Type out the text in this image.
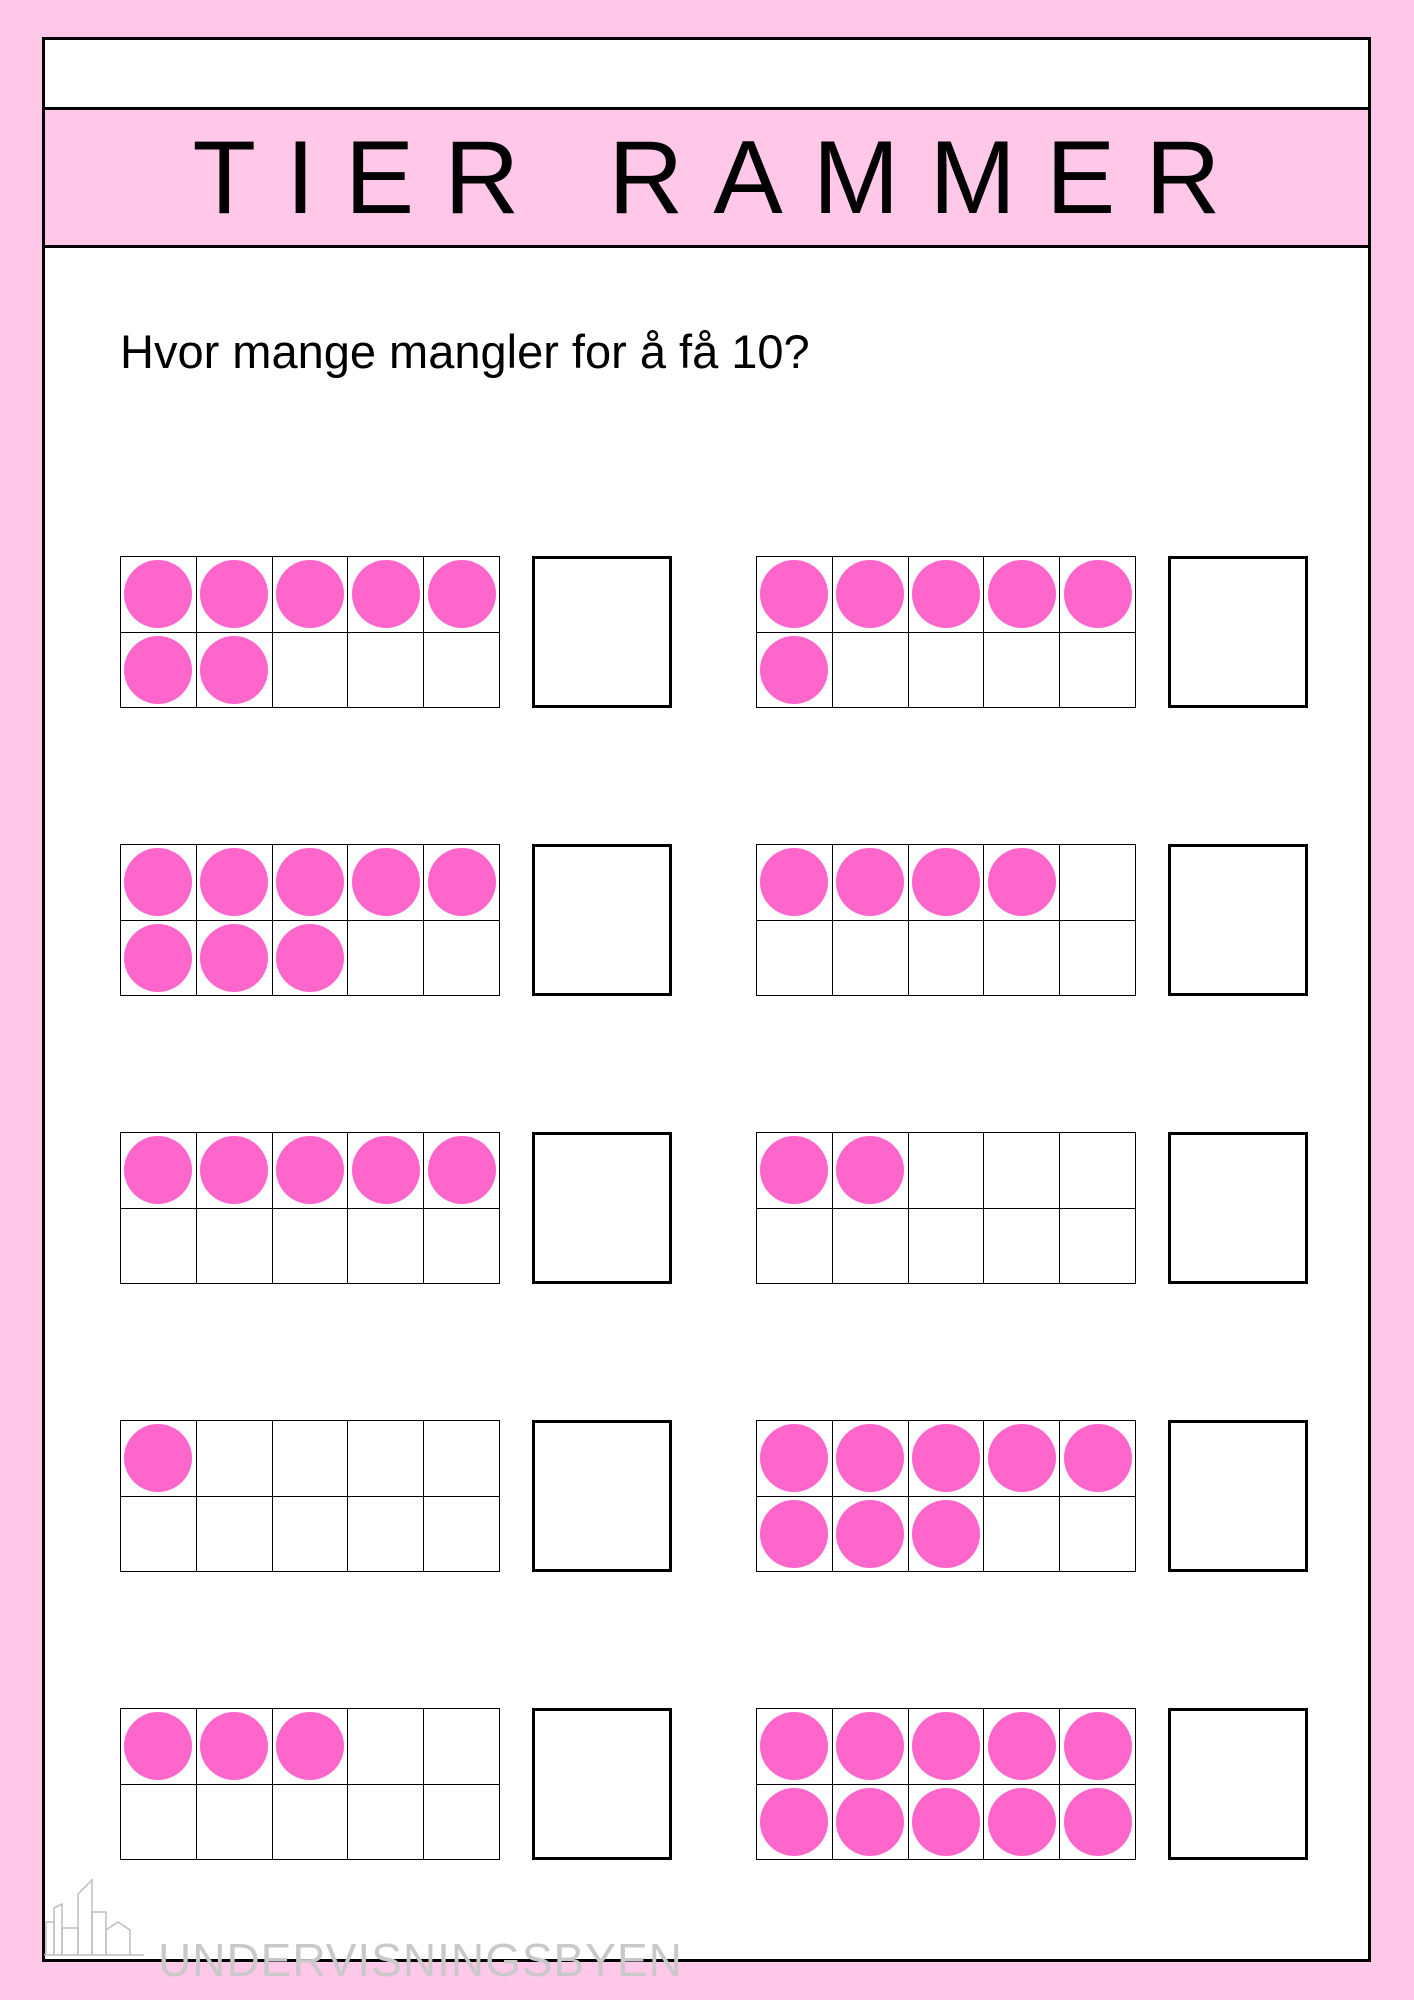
TIER RAMMER
Hvor mange mangler for å få 10?
UNDERVISNINGSBYEN
